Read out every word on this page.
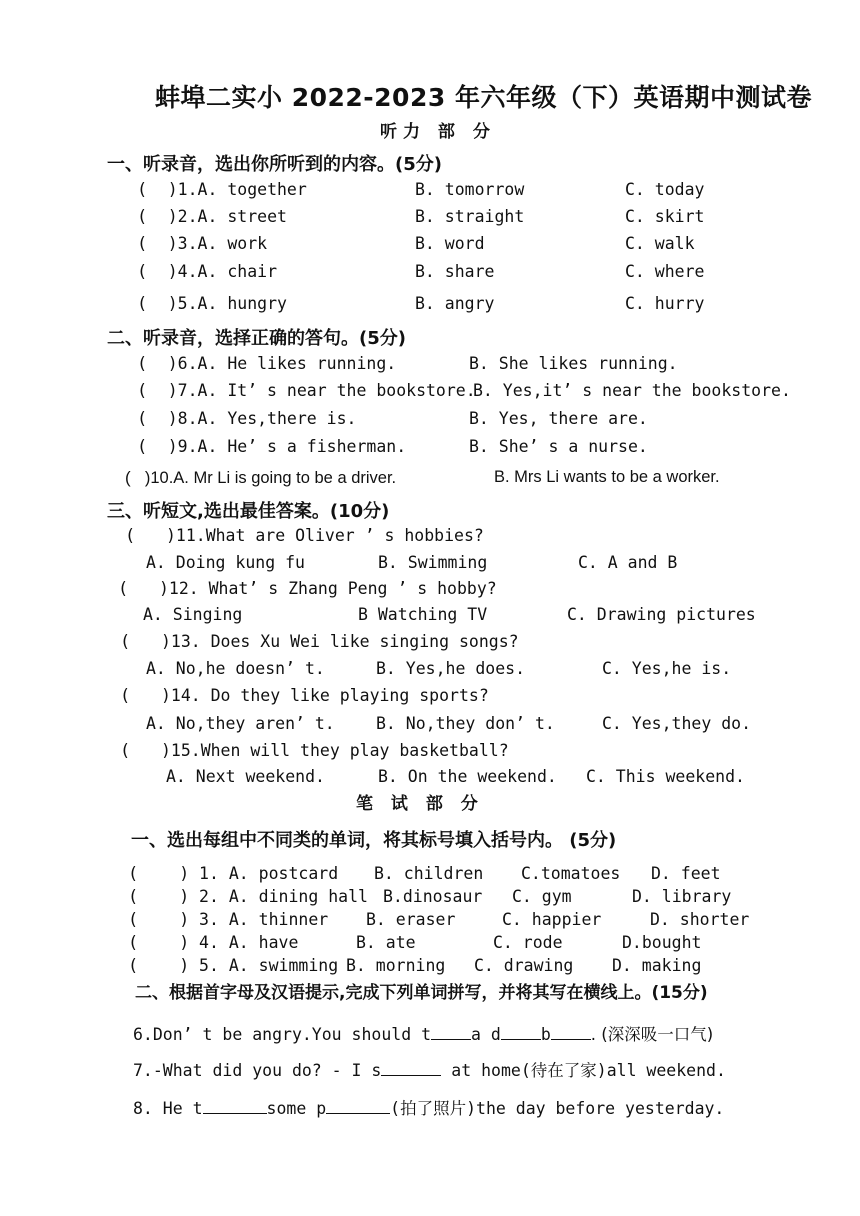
蚌埠二实小 2022-2023 年六年级（下）英语期中测试卷
听力 部 分
一、听录音，选出你所听到的内容。(5分)
(  )1.A. together	B. tomorrow	C. today
(  )2.A. street	B. straight	C. skirt
(  )3.A. work	B. word	C. walk
(  )4.A. chair	B. share	C. where
(  )5.A. hungry	B. angry	C. hurry
二、听录音，选择正确的答句。(5分)
(  )6.A. He likes running.	B. She likes running.
(  )7.A. It’ s near the bookstore.
B. Yes,it’ s near the bookstore.
(  )8.A. Yes,there is.	B. Yes, there are.
(  )9.A. He’ s a fisherman.	B. She’ s a nurse.
(   )10.A. Mr Li is going to be a driver.	B. Mrs Li wants to be a worker.
三、听短文,选出最佳答案。(10分)
(   )11.What are Oliver ’ s hobbies?
A. Doing kung fu	B. Swimming	C. A and B
(   )12. What’ s Zhang Peng ’ s hobby?
A. Singing	B Watching TV	C. Drawing pictures
(   )13. Does Xu Wei like singing songs?
A. No,he doesn’ t.	B. Yes,he does.	C. Yes,he is.
(   )14. Do they like playing sports?
A. No,they aren’ t.	B. No,they don’ t.	C. Yes,they do.
(   )15.When will they play basketball?
A. Next weekend.	B. On the weekend. C. This weekend.
笔 试 部 分
一、选出每组中不同类的单词，将其标号填入括号内。 (5分)
(    ) 1. A. postcard B. children C.tomatoes D. feet
(    ) 2. A. dining hall B.dinosaur C. gym	D. library
(    ) 3. A. thinner B. eraser	C. happier	D. shorter
(    ) 4. A. have	B. ate	C. rode	D.bought
(    ) 5. A. swimming B. morning C. drawing D. making
二、根据首字母及汉语提示,完成下列单词拼写，并将其写在横线上。(15分)
6.Don’ t be angry.You should t a d b . (深深吸一口气)
7.-What did you do? - I s	at home(待在了家)all weekend.
8. He t	some p	(拍了照片)the day before yesterday.
